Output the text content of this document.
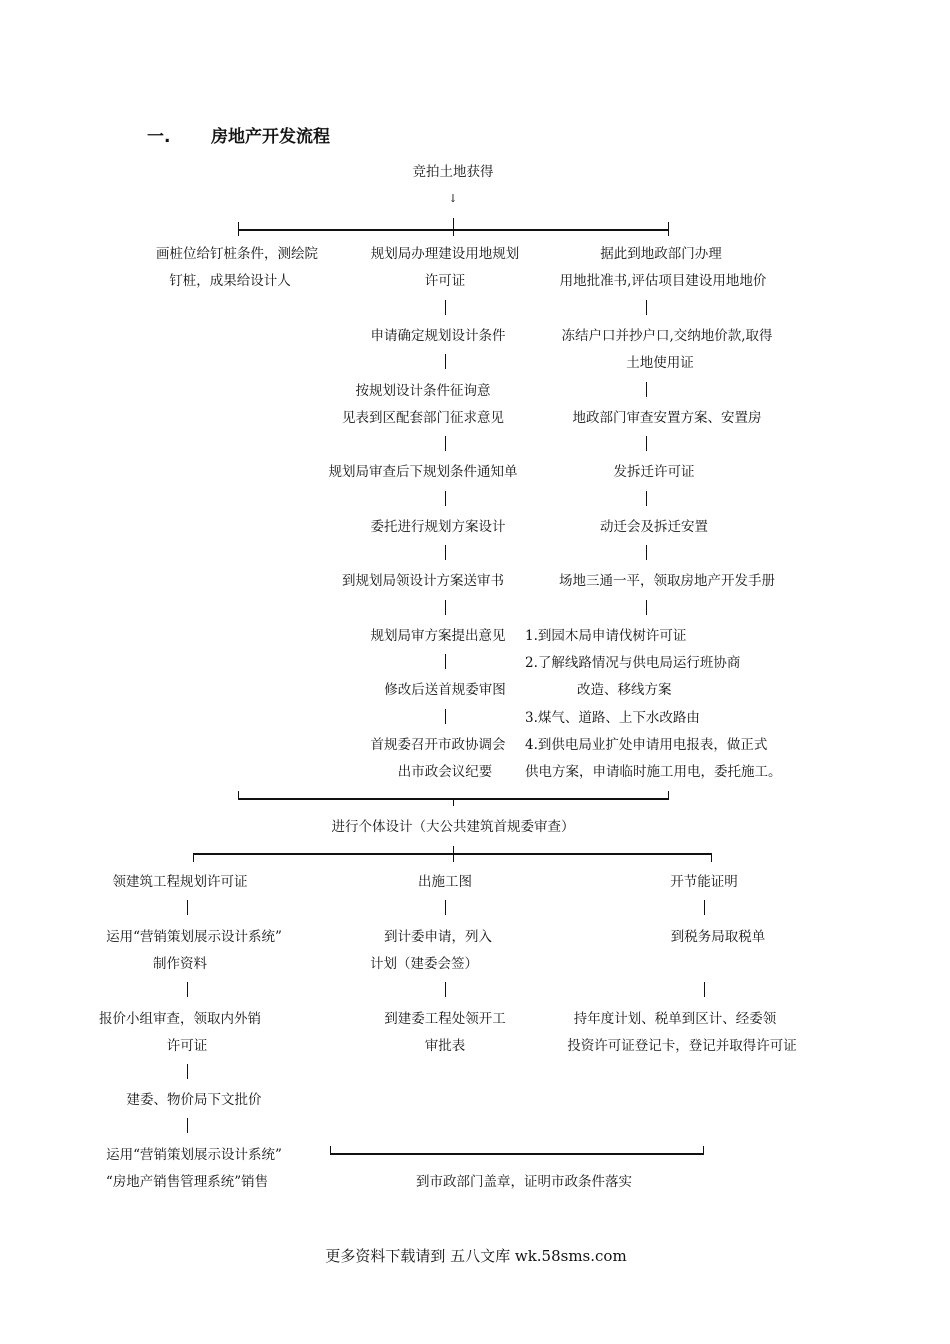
一. 房地产开发流程
竞拍土地获得
↓
画桩位给钉桩条件，测绘院
钉桩，成果给设计人
规划局办理建设用地规划
许可证
申请确定规划设计条件
按规划设计条件征询意
见表到区配套部门征求意见
规划局审查后下规划条件通知单
委托进行规划方案设计
到规划局领设计方案送审书
规划局审方案提出意见
修改后送首规委审图
首规委召开市政协调会
出市政会议纪要
据此到地政部门办理
用地批准书,评估项目建设用地地价
冻结户口并抄户口,交纳地价款,取得
土地使用证
地政部门审查安置方案、安置房
发拆迁许可证
动迁会及拆迁安置
场地三通一平，领取房地产开发手册
1.到园木局申请伐树许可证
2.了解线路情况与供电局运行班协商
改造、移线方案
3.煤气、道路、上下水改路由
4.到供电局业扩处申请用电报表，做正式
供电方案，申请临时施工用电，委托施工。
进行个体设计（大公共建筑首规委审查）
领建筑工程规划许可证
运用“营销策划展示设计系统”
制作资料
报价小组审查，领取内外销
许可证
建委、物价局下文批价
运用“营销策划展示设计系统”
“房地产销售管理系统”销售
出施工图
到计委申请，列入
计划（建委会签）
到建委工程处领开工
审批表
开节能证明
到税务局取税单
持年度计划、税单到区计、经委领
投资许可证登记卡，登记并取得许可证
到市政部门盖章，证明市政条件落实
更多资料下载请到 五八文库 wk.58sms.com
